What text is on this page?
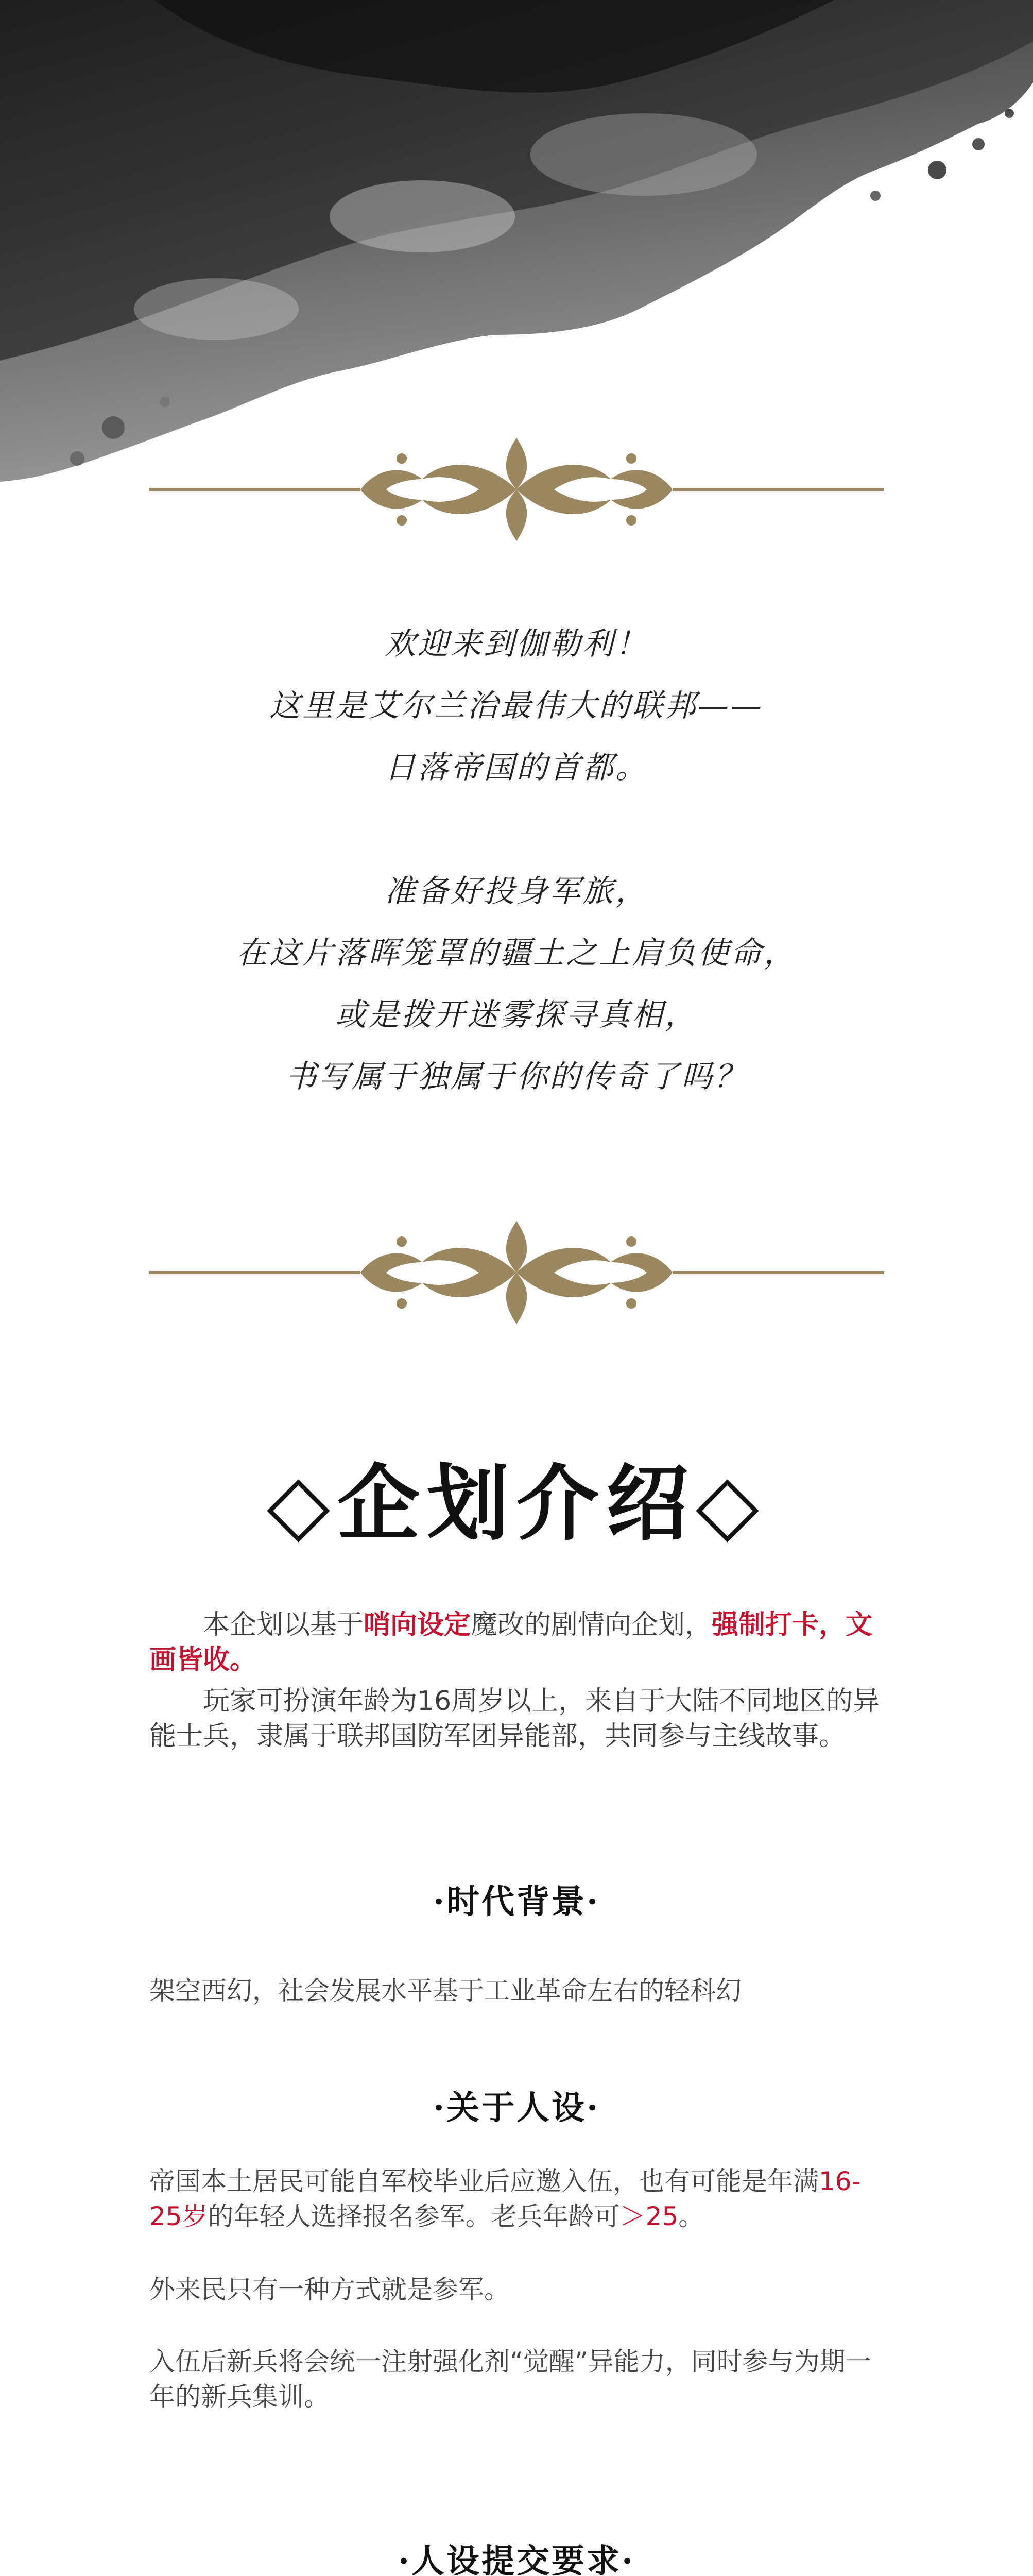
欢迎来到伽勒利！
这里是艾尔兰治最伟大的联邦——
日落帝国的首都。
准备好投身军旅，
在这片落晖笼罩的疆土之上肩负使命，
或是拨开迷雾探寻真相，
书写属于独属于你的传奇了吗？
◇企划介绍◇

本企划以基于哨向设定魔改的剧情向企划，强制打卡，文画皆收。

玩家可扮演年龄为16周岁以上，来自于大陆不同地区的异能士兵，隶属于联邦国防军团异能部，共同参与主线故事。

·时代背景·
架空西幻，社会发展水平基于工业革命左右的轻科幻
·关于人设·
帝国本土居民可能自军校毕业后应邀入伍，也有可能是年满16-25岁的年轻人选择报名参军。老兵年龄可＞25。
外来民只有一种方式就是参军。
入伍后新兵将会统一注射强化剂“觉醒”异能力，同时参与为期一年的新兵集训。
·人设提交要求·
